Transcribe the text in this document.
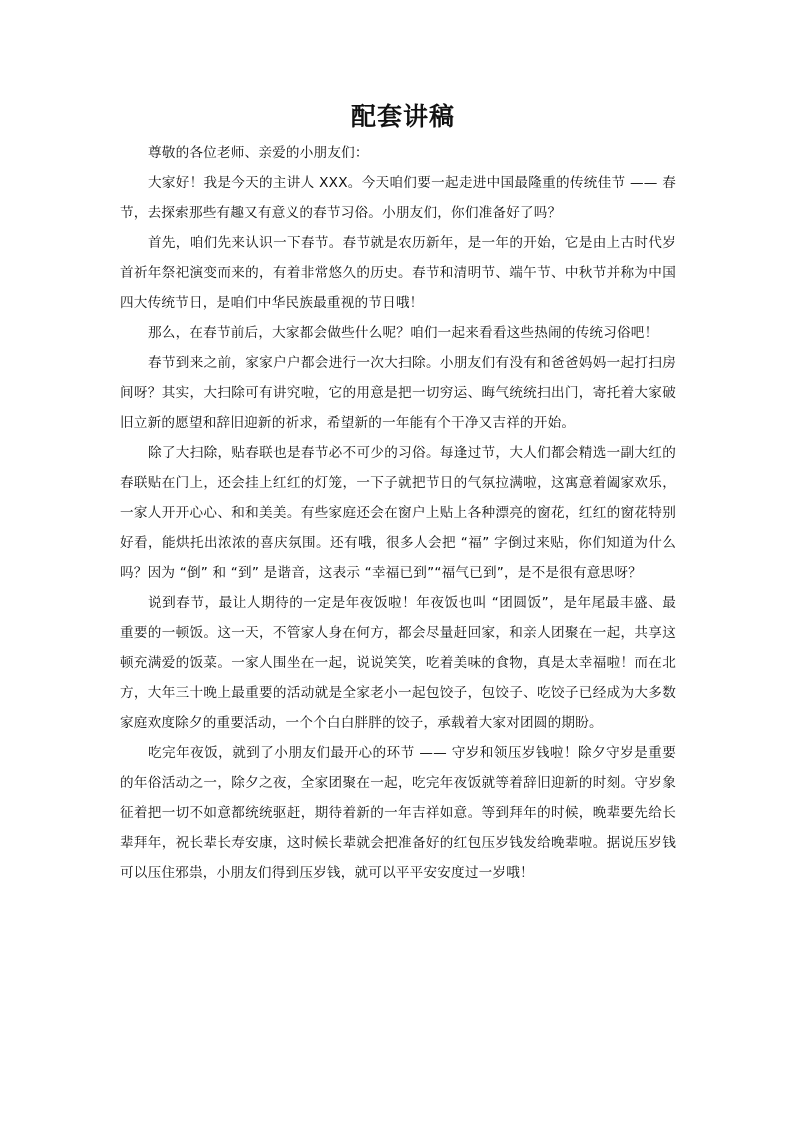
配套讲稿

尊敬的各位老师、亲爱的小朋友们：

大家好！我是今天的主讲人 XXX。今天咱们要一起走进中国最隆重的传统佳节 —— 春节，去探索那些有趣又有意义的春节习俗。小朋友们，你们准备好了吗？

首先，咱们先来认识一下春节。春节就是农历新年，是一年的开始，它是由上古时代岁首祈年祭祀演变而来的，有着非常悠久的历史。春节和清明节、端午节、中秋节并称为中国四大传统节日，是咱们中华民族最重视的节日哦！

那么，在春节前后，大家都会做些什么呢？咱们一起来看看这些热闹的传统习俗吧！

春节到来之前，家家户户都会进行一次大扫除。小朋友们有没有和爸爸妈妈一起打扫房间呀？其实，大扫除可有讲究啦，它的用意是把一切穷运、晦气统统扫出门，寄托着大家破旧立新的愿望和辞旧迎新的祈求，希望新的一年能有个干净又吉祥的开始。

除了大扫除，贴春联也是春节必不可少的习俗。每逢过节，大人们都会精选一副大红的春联贴在门上，还会挂上红红的灯笼，一下子就把节日的气氛拉满啦，这寓意着阖家欢乐，一家人开开心心、和和美美。有些家庭还会在窗户上贴上各种漂亮的窗花，红红的窗花特别好看，能烘托出浓浓的喜庆氛围。还有哦，很多人会把 “福” 字倒过来贴，你们知道为什么吗？因为 “倒” 和 “到” 是谐音，这表示 “幸福已到”“福气已到”，是不是很有意思呀？

说到春节，最让人期待的一定是年夜饭啦！年夜饭也叫 “团圆饭”，是年尾最丰盛、最重要的一顿饭。这一天，不管家人身在何方，都会尽量赶回家，和亲人团聚在一起，共享这顿充满爱的饭菜。一家人围坐在一起，说说笑笑，吃着美味的食物，真是太幸福啦！而在北方，大年三十晚上最重要的活动就是全家老小一起包饺子，包饺子、吃饺子已经成为大多数家庭欢度除夕的重要活动，一个个白白胖胖的饺子，承载着大家对团圆的期盼。

吃完年夜饭，就到了小朋友们最开心的环节 —— 守岁和领压岁钱啦！除夕守岁是重要的年俗活动之一，除夕之夜，全家团聚在一起，吃完年夜饭就等着辞旧迎新的时刻。守岁象征着把一切不如意都统统驱赶，期待着新的一年吉祥如意。等到拜年的时候，晚辈要先给长辈拜年，祝长辈长寿安康，这时候长辈就会把准备好的红包压岁钱发给晚辈啦。据说压岁钱可以压住邪祟，小朋友们得到压岁钱，就可以平平安安度过一岁哦！
